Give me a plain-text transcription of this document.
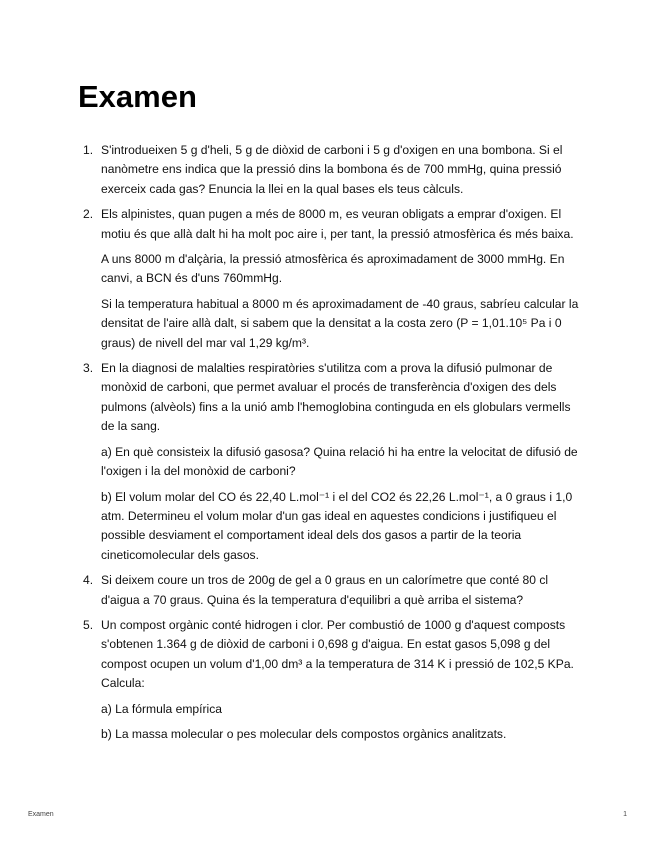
Examen
1. S'introdueixen 5 g d'heli, 5 g de diòxid de carboni i 5 g d'oxigen en una bombona. Si el nanòmetre ens indica que la pressió dins la bombona és de 700 mmHg, quina pressió exerceix cada gas? Enuncia la llei en la qual bases els teus càlculs.

2. Els alpinistes, quan pugen a més de 8000 m, es veuran obligats a emprar d'oxigen. El motiu és que allà dalt hi ha molt poc aire i, per tant, la pressió atmosfèrica és més baixa.

A uns 8000 m d'alçària, la pressió atmosfèrica és aproximadament de 3000 mmHg. En canvi, a BCN és d'uns 760mmHg.

Si la temperatura habitual a 8000 m és aproximadament de -40 graus, sabríeu calcular la densitat de l'aire allà dalt, si sabem que la densitat a la costa zero (P = 1,01.10⁵ Pa i 0 graus) de nivell del mar val 1,29 kg/m³.

3. En la diagnosi de malalties respiratòries s'utilitza com a prova la difusió pulmonar de monòxid de carboni, que permet avaluar el procés de transferència d'oxigen des dels pulmons (alvèols) fins a la unió amb l'hemoglobina continguda en els globulars vermells de la sang.

a) En què consisteix la difusió gasosa? Quina relació hi ha entre la velocitat de difusió de l'oxigen i la del monòxid de carboni?

b) El volum molar del CO és 22,40 L.mol⁻¹ i el del CO2 és 22,26 L.mol⁻¹, a 0 graus i 1,0 atm. Determineu el volum molar d'un gas ideal en aquestes condicions i justifiqueu el possible desviament el comportament ideal dels dos gasos a partir de la teoria cineticomolecular dels gasos.

4. Si deixem coure un tros de 200g de gel a 0 graus en un calorímetre que conté 80 cl d'aigua a 70 graus. Quina és la temperatura d'equilibri a què arriba el sistema?

5. Un compost orgànic conté hidrogen i clor. Per combustió de 1000 g d'aquest composts s'obtenen 1.364 g de diòxid de carboni i 0,698 g d'aigua. En estat gasos 5,098 g del compost ocupen un volum d'1,00 dm³ a la temperatura de 314 K i pressió de 102,5 KPa. Calcula:

a) La fórmula empírica

b) La massa molecular o pes molecular dels compostos orgànics analitzats.

Examen	1
